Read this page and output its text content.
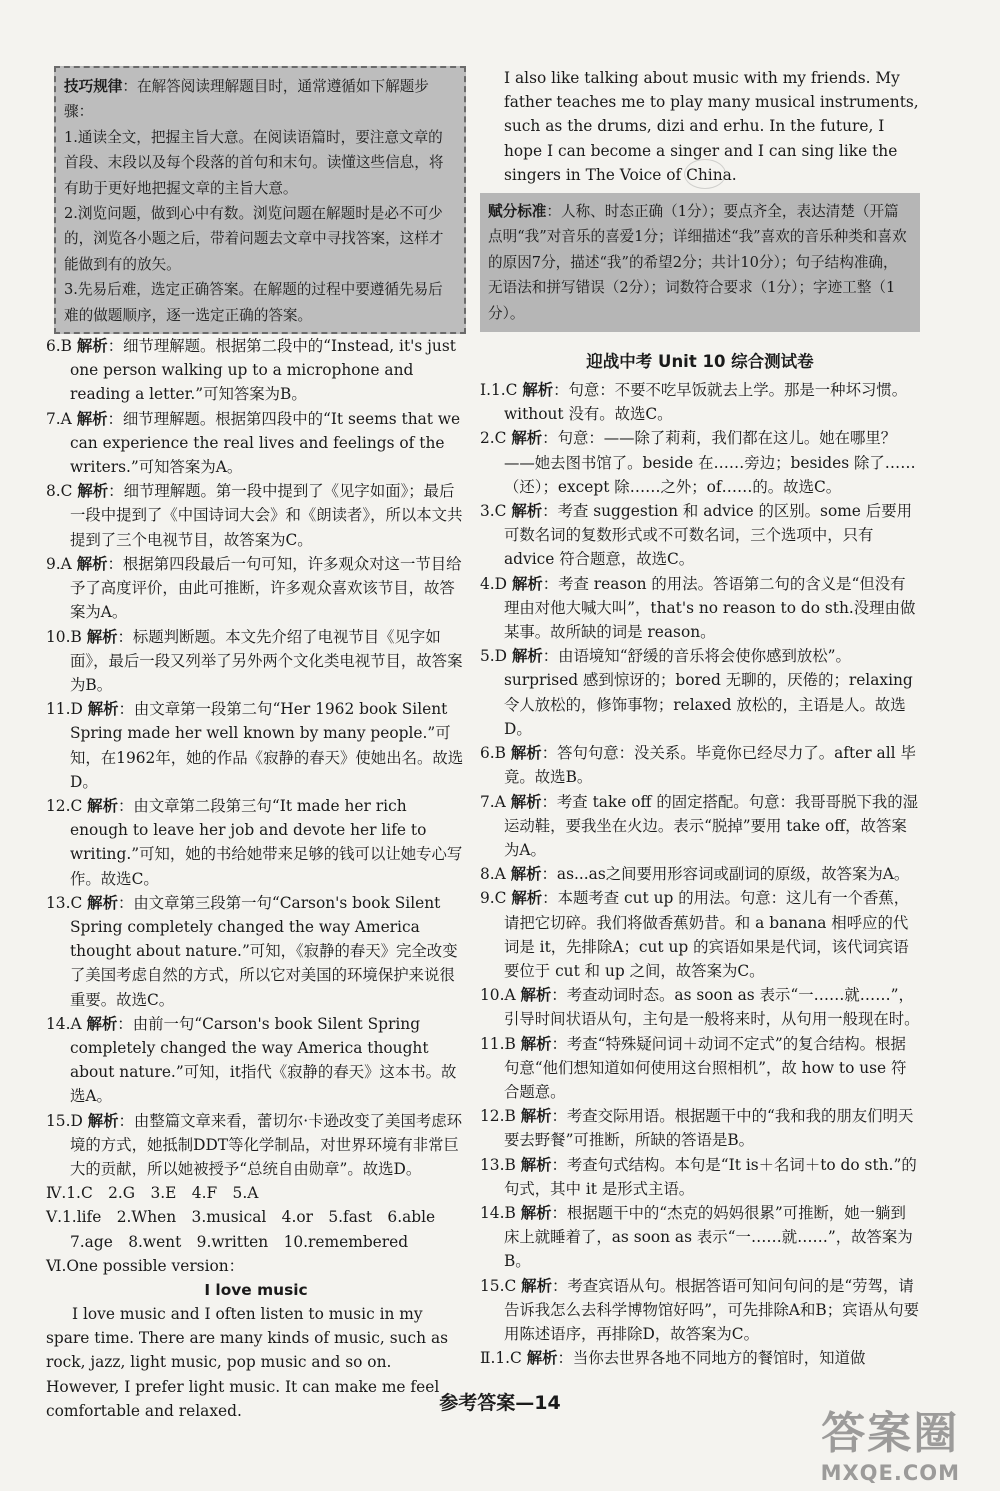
技巧规律：在解答阅读理解题目时，通常遵循如下解题步骤：
1.通读全文，把握主旨大意。在阅读语篇时，要注意文章的首段、末段以及每个段落的首句和末句。读懂这些信息，将有助于更好地把握文章的主旨大意。
2.浏览问题，做到心中有数。浏览问题在解题时是必不可少的，浏览各小题之后，带着问题去文章中寻找答案，这样才能做到有的放矢。
3.先易后难，选定正确答案。在解题的过程中要遵循先易后难的做题顺序，逐一选定正确的答案。
6.B 解析：细节理解题。根据第二段中的“Instead, it's just one person walking up to a microphone and reading a letter.”可知答案为B。
7.A 解析：细节理解题。根据第四段中的“It seems that we can experience the real lives and feelings of the writers.”可知答案为A。
8.C 解析：细节理解题。第一段中提到了《见字如面》；最后一段中提到了《中国诗词大会》和《朗读者》，所以本文共提到了三个电视节目，故答案为C。
9.A 解析：根据第四段最后一句可知，许多观众对这一节目给予了高度评价，由此可推断，许多观众喜欢该节目，故答案为A。
10.B 解析：标题判断题。本文先介绍了电视节目《见字如面》，最后一段又列举了另外两个文化类电视节目，故答案为B。
11.D 解析：由文章第一段第二句“Her 1962 book Silent Spring made her well known by many people.”可知，在1962年，她的作品《寂静的春天》使她出名。故选D。
12.C 解析：由文章第二段第三句“It made her rich enough to leave her job and devote her life to writing.”可知，她的书给她带来足够的钱可以让她专心写作。故选C。
13.C 解析：由文章第三段第一句“Carson's book Silent Spring completely changed the way America thought about nature.”可知，《寂静的春天》完全改变了美国考虑自然的方式，所以它对美国的环境保护来说很重要。故选C。
14.A 解析：由前一句“Carson's book Silent Spring completely changed the way America thought about nature.”可知，it指代《寂静的春天》这本书。故选A。
15.D 解析：由整篇文章来看，蕾切尔·卡逊改变了美国考虑环境的方式，她抵制DDT等化学制品，对世界环境有非常巨大的贡献，所以她被授予“总统自由勋章”。故选D。
Ⅳ.1.C　2.G　3.E　4.F　5.A
Ⅴ.1.life　2.When　3.musical　4.or　5.fast　6.able
7.age　8.went　9.written　10.remembered
Ⅵ.One possible version：
I love music
I love music and I often listen to music in my spare time. There are many kinds of music, such as rock, jazz, light music, pop music and so on. However, I prefer light music. It can make me feel comfortable and relaxed.
I also like talking about music with my friends. My father teaches me to play many musical instruments, such as the drums, dizi and erhu. In the future, I hope I can become a singer and I can sing like the singers in The Voice of China.
赋分标准：人称、时态正确（1分）；要点齐全，表达清楚（开篇点明“我”对音乐的喜爱1分；详细描述“我”喜欢的音乐种类和喜欢的原因7分，描述“我”的希望2分；共计10分）；句子结构准确，无语法和拼写错误（2分）；词数符合要求（1分）；字迹工整（1分）。
迎战中考 Unit 10 综合测试卷
Ⅰ.1.C 解析：句意：不要不吃早饭就去上学。那是一种坏习惯。without 没有。故选C。
2.C 解析：句意：——除了莉莉，我们都在这儿。她在哪里？——她去图书馆了。beside 在……旁边；besides 除了……（还）；except 除……之外；of……的。故选C。
3.C 解析：考查 suggestion 和 advice 的区别。some 后要用可数名词的复数形式或不可数名词，三个选项中，只有 advice 符合题意，故选C。
4.D 解析：考查 reason 的用法。答语第二句的含义是“但没有理由对他大喊大叫”，that's no reason to do sth.没理由做某事。故所缺的词是 reason。
5.D 解析：由语境知“舒缓的音乐将会使你感到放松”。surprised 感到惊讶的；bored 无聊的，厌倦的；relaxing 令人放松的，修饰事物；relaxed 放松的，主语是人。故选D。
6.B 解析：答句句意：没关系。毕竟你已经尽力了。after all 毕竟。故选B。
7.A 解析：考查 take off 的固定搭配。句意：我哥哥脱下我的湿运动鞋，要我坐在火边。表示“脱掉”要用 take off，故答案为A。
8.A 解析：as...as之间要用形容词或副词的原级，故答案为A。
9.C 解析：本题考查 cut up 的用法。句意：这儿有一个香蕉，请把它切碎。我们将做香蕉奶昔。和 a banana 相呼应的代词是 it，先排除A；cut up 的宾语如果是代词，该代词宾语要位于 cut 和 up 之间，故答案为C。
10.A 解析：考查动词时态。as soon as 表示“一……就……”，引导时间状语从句，主句是一般将来时，从句用一般现在时。
11.B 解析：考查“特殊疑问词＋动词不定式”的复合结构。根据句意“他们想知道如何使用这台照相机”，故 how to use 符合题意。
12.B 解析：考查交际用语。根据题干中的“我和我的朋友们明天要去野餐”可推断，所缺的答语是B。
13.B 解析：考查句式结构。本句是“It is＋名词＋to do sth.”的句式，其中 it 是形式主语。
14.B 解析：根据题干中的“杰克的妈妈很累”可推断，她一躺到床上就睡着了，as soon as 表示“一……就……”，故答案为B。
15.C 解析：考查宾语从句。根据答语可知问句问的是“劳驾，请告诉我怎么去科学博物馆好吗”，可先排除A和B；宾语从句要用陈述语序，再排除D，故答案为C。
Ⅱ.1.C 解析：当你去世界各地不同地方的餐馆时，知道做
参考答案—14
答案圈
MXQE.COM
